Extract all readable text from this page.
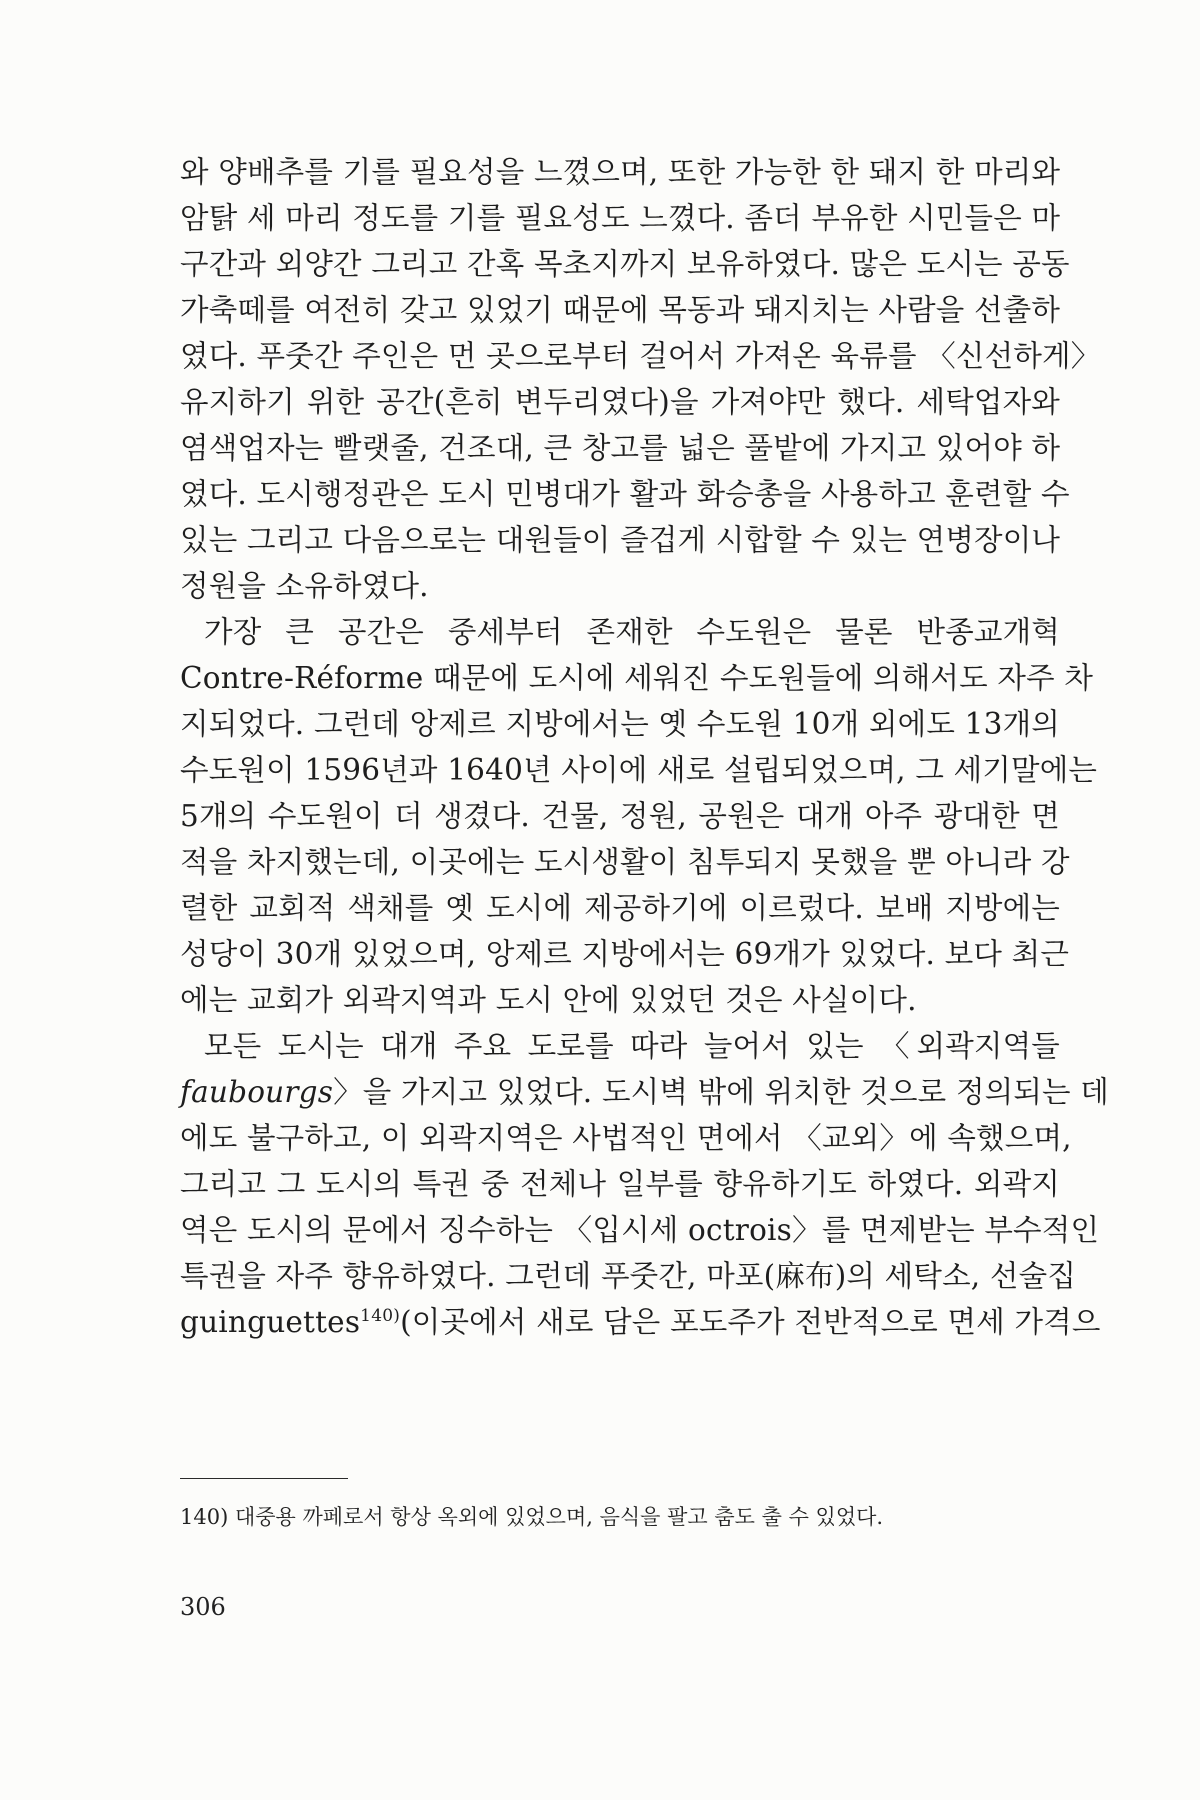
와 양배추를 기를 필요성을 느꼈으며, 또한 가능한 한 돼지 한 마리와
암탉 세 마리 정도를 기를 필요성도 느꼈다. 좀더 부유한 시민들은 마
구간과 외양간 그리고 간혹 목초지까지 보유하였다. 많은 도시는 공동
가축떼를 여전히 갖고 있었기 때문에 목동과 돼지치는 사람을 선출하
였다. 푸줏간 주인은 먼 곳으로부터 걸어서 가져온 육류를 〈신선하게〉
유지하기 위한 공간(흔히 변두리였다)을 가져야만 했다. 세탁업자와
염색업자는 빨랫줄, 건조대, 큰 창고를 넓은 풀밭에 가지고 있어야 하
였다. 도시행정관은 도시 민병대가 활과 화승총을 사용하고 훈련할 수
있는 그리고 다음으로는 대원들이 즐겁게 시합할 수 있는 연병장이나
정원을 소유하였다.
가장 큰 공간은 중세부터 존재한 수도원은 물론 반종교개혁
Contre-Réforme 때문에 도시에 세워진 수도원들에 의해서도 자주 차
지되었다. 그런데 앙제르 지방에서는 옛 수도원 10개 외에도 13개의
수도원이 1596년과 1640년 사이에 새로 설립되었으며, 그 세기말에는
5개의 수도원이 더 생겼다. 건물, 정원, 공원은 대개 아주 광대한 면
적을 차지했는데, 이곳에는 도시생활이 침투되지 못했을 뿐 아니라 강
렬한 교회적 색채를 옛 도시에 제공하기에 이르렀다. 보배 지방에는
성당이 30개 있었으며, 앙제르 지방에서는 69개가 있었다. 보다 최근
에는 교회가 외곽지역과 도시 안에 있었던 것은 사실이다.
모든 도시는 대개 주요 도로를 따라 늘어서 있는 〈외곽지역들
faubourgs〉을 가지고 있었다. 도시벽 밖에 위치한 것으로 정의되는 데
에도 불구하고, 이 외곽지역은 사법적인 면에서 〈교외〉에 속했으며,
그리고 그 도시의 특권 중 전체나 일부를 향유하기도 하였다. 외곽지
역은 도시의 문에서 징수하는 〈입시세 octrois〉를 면제받는 부수적인
특권을 자주 향유하였다. 그런데 푸줏간, 마포(麻布)의 세탁소, 선술집
guinguettes$^{140)}$(이곳에서 새로 담은 포도주가 전반적으로 면세 가격으
140) 대중용 까페로서 항상 옥외에 있었으며, 음식을 팔고 춤도 출 수 있었다.
306
